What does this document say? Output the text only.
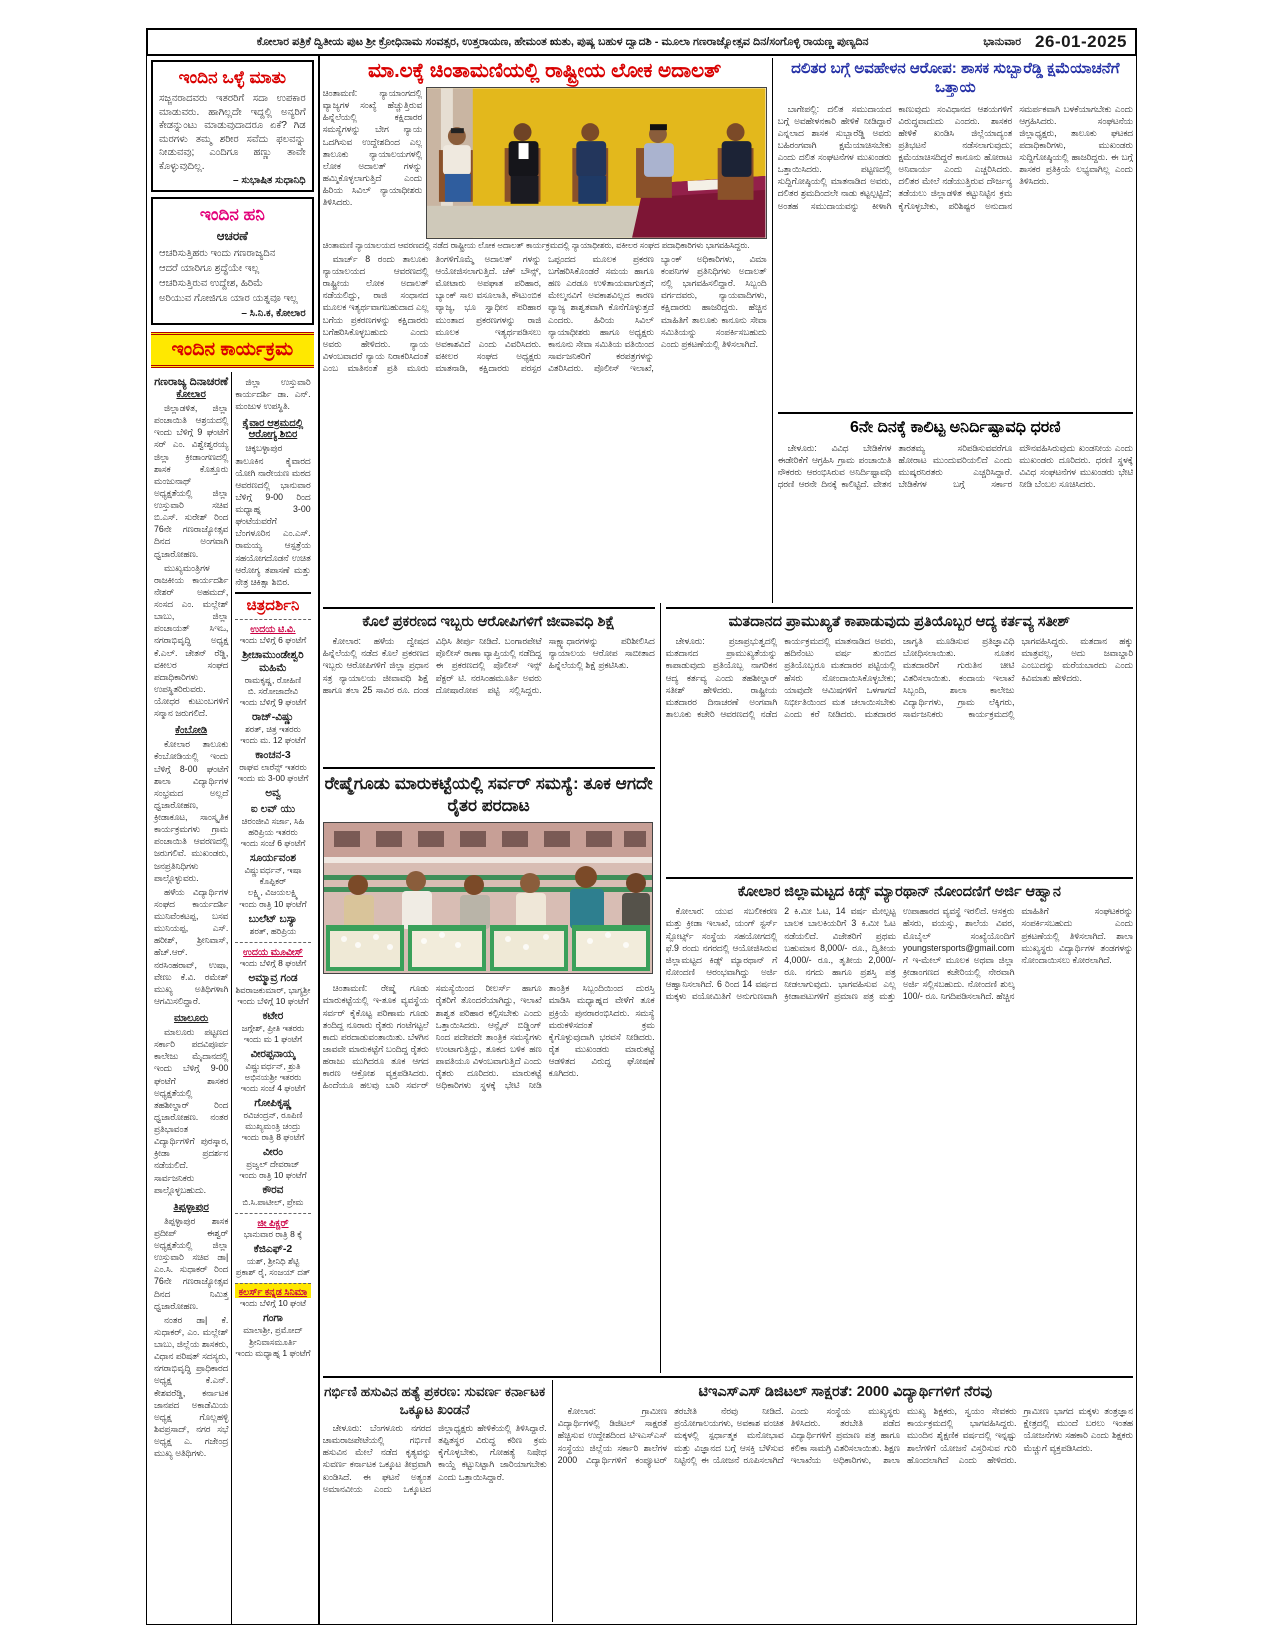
ಕೋಲಾರ ಪತ್ರಿಕೆ ದ್ವಿತೀಯ ಪುಟ ಶ್ರೀ ಕ್ರೋಧಿನಾಮ ಸಂವತ್ಸರ, ಉತ್ತರಾಯಣ, ಹೇಮಂತ ಋತು, ಪುಷ್ಯ ಬಹುಳ ದ್ವಾದಶಿ - ಮೂಲಾ ಗಣರಾಜ್ಯೋತ್ಸವ ದಿನ/ಸಂಗೊಳ್ಳಿ ರಾಯಣ್ಣ ಪುಣ್ಯದಿನ	ಭಾನುವಾರ 26-01-2025
ಇಂದಿನ ಒಳ್ಳೆ ಮಾತು
ಸಜ್ಜನರಾದವರು ಇತರರಿಗೆ ಸದಾ ಉಪಕಾರ ಮಾಡುವರು. ಹಾಗಿಲ್ಲದೇ ಇದ್ದಲ್ಲಿ ಅನ್ಯರಿಗೆ ಕೇಡನ್ನುಂಟು ಮಾಡುವುದಾದರೂ ಏಕೆ? ಗಿಡ ಮರಗಳು ತಮ್ಮ ಶರೀರ ಸವೆದು ಫಲವನ್ನು ನೀಡುವವು; ಎಂದಿಗೂ ಹಣ್ಣು ತಾವೇ ಕೊಳ್ಳುವುದಿಲ್ಲ.
– ಸುಭಾಷಿತ ಸುಧಾನಿಧಿ
ಇಂದಿನ ಹನಿ
ಆಚರಣೆ
ಆಚರಿಸುತ್ತಿಹರು ಇಂದು ಗಣರಾಜ್ಯದಿನ
ಆದರೆ ಯಾರಿಗೂ ಶ್ರದ್ಧೆಯೇ ಇಲ್ಲ
ಆಚರಿಸುತ್ತಿರುವ ಉದ್ದೇಶ, ಹಿರಿಮೆ
ಅರಿಯುವ ಗೋಜಿಗೂ ಯಾರ ಯತ್ನವೂ ಇಲ್ಲ
– ಸಿ.ನಿ.ಕ, ಕೋಲಾರ
ಇಂದಿನ ಕಾರ್ಯಕ್ರಮ
ಗಣರಾಜ್ಯ ದಿನಾಚರಣೆ
ಕೋಲಾರ
ಜಿಲ್ಲಾಡಳಿತ, ಜಿಲ್ಲಾ ಪಂಚಾಯಿತಿ ಆಶ್ರಯದಲ್ಲಿ ಇಂದು ಬೆಳಿಗ್ಗೆ 9 ಘಂಟೆಗೆ ಸರ್ ಎಂ. ವಿಶ್ವೇಶ್ವರಯ್ಯ ಜಿಲ್ಲಾ ಕ್ರೀಡಾಂಗಣದಲ್ಲಿ ಶಾಸಕ ಕೊತ್ತೂರು ಮಂಜುನಾಥ್ ಅಧ್ಯಕ್ಷತೆಯಲ್ಲಿ ಜಿಲ್ಲಾ ಉಸ್ತುವಾರಿ ಸಚಿವ ಬಿ.ಎಸ್. ಸುರೇಶ್ ರಿಂದ 76ನೇ ಗಣರಾಜ್ಯೋತ್ಸವ ದಿನದ ಅಂಗವಾಗಿ ಧ್ವಜಾರೋಹಣ.
ಮುಖ್ಯಮಂತ್ರಿಗಳ ರಾಜಕೀಯ ಕಾರ್ಯದರ್ಶಿ ನೇಶರ್ ಅಹಮದ್, ಸಂಸದ ಎಂ. ಮಲ್ಲೇಶ್ ಬಾಬು, ಜಿಲ್ಲಾ ಪಂಚಾಯತ್ ಸಿಇಒ, ನಗರಾಭಿವೃದ್ಧಿ ಅಧ್ಯಕ್ಷ ಕೆ.ಎಲ್. ಚೇತನ್ ರೆಡ್ಡಿ, ವಕೀಲರ ಸಂಘದ ಪದಾಧಿಕಾರಿಗಳು ಉಪಸ್ಥಿತರಿರುವರು. ಯೋಧರ ಕುಟುಂಬಗಳಿಗೆ ಸನ್ಮಾನ ಜರುಗಲಿದೆ.
ಕೆಂಬೋಡಿ
ಕೋಲಾರ ತಾಲೂಕು ಕೆಂಬೋಡಿಯಲ್ಲಿ ಇಂದು ಬೆಳಿಗ್ಗೆ 8-00 ಘಂಟೆಗೆ ಶಾಲಾ ವಿದ್ಯಾರ್ಥಿಗಳ ಸಂಭ್ರಮದ ಅಲ್ಲದೆ ಧ್ವಜಾರೋಹಣ, ಕ್ರೀಡಾಕೂಟ, ಸಾಂಸ್ಕೃತಿಕ ಕಾರ್ಯಕ್ರಮಗಳು ಗ್ರಾಮ ಪಂಚಾಯಿತಿ ಆವರಣದಲ್ಲಿ ಜರುಗಲಿವೆ. ಮುಖಂಡರು, ಜನಪ್ರತಿನಿಧಿಗಳು ಪಾಲ್ಗೊಳ್ಳುವರು.
ಹಳೆಯ ವಿದ್ಯಾರ್ಥಿಗಳ ಸಂಘದ ಕಾರ್ಯದರ್ಶಿ ಮುನಿವೆಂಕಟಪ್ಪ, ಬಸವ ಮುನಿಯಪ್ಪ, ಎಸ್. ಹರೀಶ್, ಶ್ರೀನಿವಾಸ್, ಹೆಚ್.ಆರ್. ನರಸಿಂಹರಾವ್, ಉಷಾ, ವೇಣು ಕೆ.ವಿ. ರಮೇಶ್ ಮುಖ್ಯ ಅತಿಥಿಗಳಾಗಿ ಆಗಮಿಸಲಿದ್ದಾರೆ.
ಮಾಲೂರು
ಮಾಲೂರು ಪಟ್ಟಣದ ಸರ್ಕಾರಿ ಪದವಿಪೂರ್ವ ಕಾಲೇಜು ಮೈದಾನದಲ್ಲಿ ಇಂದು ಬೆಳಿಗ್ಗೆ 9-00 ಘಂಟೆಗೆ ಶಾಸಕರ ಅಧ್ಯಕ್ಷತೆಯಲ್ಲಿ ತಹಶೀಲ್ದಾರ್ ರಿಂದ ಧ್ವಜಾರೋಹಣ. ನಂತರ ಪ್ರತಿಭಾವಂತ ವಿದ್ಯಾರ್ಥಿಗಳಿಗೆ ಪುರಸ್ಕಾರ, ಕ್ರೀಡಾ ಪ್ರದರ್ಶನ ನಡೆಯಲಿದೆ. ಸಾರ್ವಜನಿಕರು ಪಾಲ್ಗೊಳ್ಳಬಹುದು.
ತಿಪ್ಪಳ್ಳಾಪುರ
ತಿಪ್ಪಳ್ಳಾಪುರ ಶಾಸಕ ಪ್ರದೀಪ್ ಈಶ್ವರ್ ಅಧ್ಯಕ್ಷತೆಯಲ್ಲಿ ಜಿಲ್ಲಾ ಉಸ್ತುವಾರಿ ಸಚಿವ ಡಾ| ಎಂ.ಸಿ. ಸುಧಾಕರ್ ರಿಂದ 76ನೇ ಗಣರಾಜ್ಯೋತ್ಸವ ದಿನದ ನಿಮಿತ್ತ ಧ್ವಜಾರೋಹಣ.
ನಂತರ ಡಾ| ಕೆ. ಸುಧಾಕರ್, ಎಂ. ಮಲ್ಲೇಶ್ ಬಾಬು, ಜಿಲ್ಲೆಯ ಶಾಸಕರು, ವಿಧಾನ ಪರಿಷತ್ ಸದಸ್ಯರು, ನಗರಾಭಿವೃದ್ಧಿ ಪ್ರಾಧಿಕಾರದ ಅಧ್ಯಕ್ಷ ಕೆ.ಎನ್. ಕೇಶವರೆಡ್ಡಿ, ಕರ್ನಾಟಕ ಜಾನಪದ ಅಕಾಡೆಮಿಯ ಅಧ್ಯಕ್ಷ ಗೊಲ್ಲಹಳ್ಳಿ ಶಿವಪ್ರಸಾದ್, ನಗರ ಸಭೆ ಅಧ್ಯಕ್ಷ ಎ. ಗಜೇಂದ್ರ ಮುಖ್ಯ ಅತಿಥಿಗಳು.
ಜಿಲ್ಲಾ ಉಸ್ತುವಾರಿ ಕಾರ್ಯದರ್ಶಿ ಡಾ. ಎನ್. ಮಂಜುಳ ಉಪಸ್ಥಿತಿ.
ಕೈವಾರ ಆಶ್ರಮದಲ್ಲಿ ಆರೋಗ್ಯ ಶಿಬಿರ
ಚಿಕ್ಕಬಳ್ಳಾಪುರ ತಾಲೂಕಿನ ಕೈವಾರದ ಯೋಗಿ ನಾರೇಯಣ ಮಠದ ಆವರಣದಲ್ಲಿ ಭಾನುವಾರ ಬೆಳಿಗ್ಗೆ 9-00 ರಿಂದ ಮಧ್ಯಾಹ್ನ 3-00 ಘಂಟೆಯವರೆಗೆ ಬೆಂಗಳೂರಿನ ಎಂ.ಎಸ್. ರಾಮಯ್ಯ ಆಸ್ಪತ್ರೆಯ ಸಹಯೋಗದೊಡನೆ ಉಚಿತ ಆರೋಗ್ಯ ತಪಾಸಣೆ ಮತ್ತು ನೇತ್ರ ಚಿಕಿತ್ಸಾ ಶಿಬಿರ.
ಚಿತ್ರದರ್ಶಿನಿ
ಉದಯ ಟಿ.ವಿ.
ಇಂದು ಬೆಳಿಗ್ಗೆ 6 ಘಂಟೆಗೆ
ಶ್ರೀಚಾಮುಂಡೇಶ್ವರಿ ಮಹಿಮೆ
ರಾಮಕೃಷ್ಣ, ರೋಹಿಣಿ
ಬಿ. ಸರೋಜಾದೇವಿ
ಇಂದು ಬೆಳಿಗ್ಗೆ 9 ಘಂಟೆಗೆ
ರಾಜ್-ವಿಷ್ಣು
ಶರತ್, ಚಿತ್ರ ಇತರರು
ಇಂದು ಮ. 12 ಘಂಟೆಗೆ
ಕಾಂಚನ-3
ರಾಘವ ಲಾರೆನ್ಸ್ ಇತರರು
ಇಂದು ಮ 3-00 ಘಂಟೆಗೆ
ಅವ್ವ
ಐ ಲವ್ ಯು
ಚಿರಂಜೀವಿ ಸರ್ಜಾ, ಸಿಹಿ
ಹರಿಪ್ರಿಯ ಇತರರು
ಇಂದು ಸಂಜೆ 6 ಘಂಟೆಗೆ
ಸೂರ್ಯವಂಶ
ವಿಷ್ಣುವರ್ಧನ್, ಇಷಾ ಕೊಪ್ಪಿಕರ್
ಲಕ್ಷ್ಮಿ, ವಿಜಯಲಕ್ಷ್ಮಿ
ಇಂದು ರಾತ್ರಿ 10 ಘಂಟೆಗೆ
ಬುಲೆಟ್ ಬಸ್ಯಾ
ಶರತ್, ಹರಿಪ್ರಿಯ
ಉದಯ ಮೂವೀಸ್
ಇಂದು ಬೆಳಿಗ್ಗೆ 8 ಘಂಟೆಗೆ
ಅಮ್ಮಾವ್ರ ಗಂಡ
ಶಿವರಾಜಕುಮಾರ್, ಭಾಗ್ಯಶ್ರೀ
ಇಂದು ಬೆಳಿಗ್ಗೆ 10 ಘಂಟೆಗೆ
ಕಟೇರ
ಜಗ್ಗೇಶ್, ಪ್ರೀತಿ ಇತರರು
ಇಂದು ಮ 1 ಘಂಟೆಗೆ
ವೀರಪ್ಪನಾಯ್ಕ
ವಿಷ್ಣುವರ್ಧನ್, ಶ್ರುತಿ
ಅಭಿನಯಶ್ರೀ ಇತರರು
ಇಂದು ಸಂಜೆ 4 ಘಂಟೆಗೆ
ಗೋಪಿಕೃಷ್ಣ
ರವಿಚಂದ್ರನ್, ರೂಪಿಣಿ
ಮುಖ್ಯಮಂತ್ರಿ ಚಂದ್ರು
ಇಂದು ರಾತ್ರಿ 8 ಘಂಟೆಗೆ
ವೀರಂ
ಪ್ರಜ್ವಲ್ ದೇವರಾಜ್
ಇಂದು ರಾತ್ರಿ 10 ಘಂಟೆಗೆ
ಕೌರವ
ಬಿ.ಸಿ.ಪಾಟೀಲ್, ಪ್ರೇಮ
ಜೀ ಪಿಕ್ಚರ್
ಭಾನುವಾರ ರಾತ್ರಿ 8 ಕ್ಕೆ
ಕೆಜಿಎಫ್-2
ಯಶ್, ಶ್ರೀನಿಧಿ ಶೆಟ್ಟಿ
ಪ್ರಕಾಶ್ ರೈ, ಸಂಜಯ್ ದತ್
ಕಲರ್ಸ್ ಕನ್ನಡ ಸಿನಿಮಾ
ಇಂದು ಬೆಳಿಗ್ಗೆ 10 ಘಂಟೆ
ಗಂಗಾ
ಮಾಲಾಶ್ರೀ, ಪ್ರಮೋದ್
ಶ್ರೀನಿವಾಸಮೂರ್ತಿ
ಇಂದು ಮಧ್ಯಾಹ್ನ 1 ಘಂಟೆಗೆ
ಮಾ.ಲಕ್ಕೆ ಚಿಂತಾಮಣಿಯಲ್ಲಿ ರಾಷ್ಟ್ರೀಯ ಲೋಕ ಅದಾಲತ್
ಚಿಂತಾಮಣಿ: ನ್ಯಾಯಾಂಗದಲ್ಲಿ ವ್ಯಾಜ್ಯಗಳ ಸಂಖ್ಯೆ ಹೆಚ್ಚುತ್ತಿರುವ ಹಿನ್ನೆಲೆಯಲ್ಲಿ ಕಕ್ಷಿದಾರರ ಸಮಸ್ಯೆಗಳನ್ನು ಬೇಗ ನ್ಯಾಯ ಒದಗಿಸುವ ಉದ್ದೇಶದಿಂದ ಎಲ್ಲ ತಾಲೂಕು ನ್ಯಾಯಾಲಯಗಳಲ್ಲಿ ಲೋಕ ಅದಾಲತ್ ಗಳನ್ನು ಹಮ್ಮಿಕೊಳ್ಳಲಾಗುತ್ತಿದೆ ಎಂದು ಹಿರಿಯ ಸಿವಿಲ್ ನ್ಯಾಯಾಧೀಶರು ತಿಳಿಸಿದರು.
ಚಿಂತಾಮಣಿ ನ್ಯಾಯಾಲಯದ ಆವರಣದಲ್ಲಿ ನಡೆದ ರಾಷ್ಟ್ರೀಯ ಲೋಕ ಅದಾಲತ್ ಕಾರ್ಯಕ್ರಮದಲ್ಲಿ ನ್ಯಾಯಾಧೀಶರು, ವಕೀಲರ ಸಂಘದ ಪದಾಧಿಕಾರಿಗಳು ಭಾಗವಹಿಸಿದ್ದರು.

ಮಾರ್ಚ್ 8 ರಂದು ತಾಲೂಕು ನ್ಯಾಯಾಲಯದ ಆವರಣದಲ್ಲಿ ರಾಷ್ಟ್ರೀಯ ಲೋಕ ಅದಾಲತ್ ನಡೆಯಲಿದ್ದು, ರಾಜಿ ಸಂಧಾನದ ಮೂಲಕ ಇತ್ಯರ್ಥವಾಗಬಹುದಾದ ಎಲ್ಲ ಬಗೆಯ ಪ್ರಕರಣಗಳನ್ನು ಕಕ್ಷಿದಾರರು ಬಗೆಹರಿಸಿಕೊಳ್ಳಬಹುದು ಎಂದು ಅವರು ಹೇಳಿದರು. ನ್ಯಾಯ ವಿಳಂಬವಾದರೆ ನ್ಯಾಯ ನಿರಾಕರಿಸಿದಂತೆ ಎಂಬ ಮಾತಿನಂತೆ ಪ್ರತಿ ಮೂರು ತಿಂಗಳಿಗೊಮ್ಮೆ ಅದಾಲತ್ ಗಳನ್ನು ಆಯೋಜಿಸಲಾಗುತ್ತಿದೆ. ಚೆಕ್ ಬೌನ್ಸ್, ಮೋಟಾರು ಅಪಘಾತ ಪರಿಹಾರ, ಬ್ಯಾಂಕ್ ಸಾಲ ವಸೂಲಾತಿ, ಕೌಟುಂಬಿಕ ವ್ಯಾಜ್ಯ, ಭೂ ಸ್ವಾಧೀನ ಪರಿಹಾರ ಮುಂತಾದ ಪ್ರಕರಣಗಳನ್ನು ರಾಜಿ ಮೂಲಕ ಇತ್ಯರ್ಥಪಡಿಸಲು ಅವಕಾಶವಿದೆ ಎಂದು ವಿವರಿಸಿದರು. ವಕೀಲರ ಸಂಘದ ಅಧ್ಯಕ್ಷರು ಮಾತನಾಡಿ, ಕಕ್ಷಿದಾರರು ಪರಸ್ಪರ ಒಪ್ಪಂದದ ಮೂಲಕ ಪ್ರಕರಣ ಬಗೆಹರಿಸಿಕೊಂಡರೆ ಸಮಯ ಹಾಗೂ ಹಣ ಎರಡೂ ಉಳಿತಾಯವಾಗುತ್ತದೆ; ಮೇಲ್ಮನವಿಗೆ ಅವಕಾಶವಿಲ್ಲದ ಕಾರಣ ವ್ಯಾಜ್ಯ ಶಾಶ್ವತವಾಗಿ ಕೊನೆಗೊಳ್ಳುತ್ತದೆ ಎಂದರು. ಹಿರಿಯ ಸಿವಿಲ್ ನ್ಯಾಯಾಧೀಶರು ಹಾಗೂ ಅಧ್ಯಕ್ಷರು ಕಾನೂನು ಸೇವಾ ಸಮಿತಿಯ ವತಿಯಿಂದ ಸಾರ್ವಜನಿಕರಿಗೆ ಕರಪತ್ರಗಳನ್ನು ವಿತರಿಸಿದರು. ಪೊಲೀಸ್ ಇಲಾಖೆ, ಬ್ಯಾಂಕ್ ಅಧಿಕಾರಿಗಳು, ವಿಮಾ ಕಂಪನಿಗಳ ಪ್ರತಿನಿಧಿಗಳು ಅದಾಲತ್ ನಲ್ಲಿ ಭಾಗವಹಿಸಲಿದ್ದಾರೆ. ಸಿಬ್ಬಂದಿ ವರ್ಗದವರು, ನ್ಯಾಯವಾದಿಗಳು, ಕಕ್ಷಿದಾರರು ಹಾಜರಿದ್ದರು. ಹೆಚ್ಚಿನ ಮಾಹಿತಿಗೆ ತಾಲೂಕು ಕಾನೂನು ಸೇವಾ ಸಮಿತಿಯನ್ನು ಸಂಪರ್ಕಿಸಬಹುದು ಎಂದು ಪ್ರಕಟಣೆಯಲ್ಲಿ ತಿಳಿಸಲಾಗಿದೆ.

ದಲಿತರ ಬಗ್ಗೆ ಅವಹೇಳನ ಆರೋಪ: ಶಾಸಕ ಸುಬ್ಬಾರೆಡ್ಡಿ ಕ್ಷಮೆಯಾಚನೆಗೆ ಒತ್ತಾಯ

ಬಾಗೇಪಲ್ಲಿ: ದಲಿತ ಸಮುದಾಯದ ಬಗ್ಗೆ ಅವಹೇಳನಕಾರಿ ಹೇಳಿಕೆ ನೀಡಿದ್ದಾರೆ ಎನ್ನಲಾದ ಶಾಸಕ ಸುಬ್ಬಾರೆಡ್ಡಿ ಅವರು ಬಹಿರಂಗವಾಗಿ ಕ್ಷಮೆಯಾಚಿಸಬೇಕು ಎಂದು ದಲಿತ ಸಂಘಟನೆಗಳ ಮುಖಂಡರು ಒತ್ತಾಯಿಸಿದರು. ಪಟ್ಟಣದಲ್ಲಿ ಸುದ್ದಿಗೋಷ್ಠಿಯಲ್ಲಿ ಮಾತನಾಡಿದ ಅವರು, ದಲಿತರ ಶ್ರಮದಿಂದಲೇ ನಾಡು ಕಟ್ಟಲ್ಪಟ್ಟಿದೆ; ಅಂತಹ ಸಮುದಾಯವನ್ನು ಕೀಳಾಗಿ ಕಾಣುವುದು ಸಂವಿಧಾನದ ಆಶಯಗಳಿಗೆ ವಿರುದ್ಧವಾದುದು ಎಂದರು. ಶಾಸಕರ ಹೇಳಿಕೆ ಖಂಡಿಸಿ ಜಿಲ್ಲೆಯಾದ್ಯಂತ ಪ್ರತಿಭಟನೆ ನಡೆಸಲಾಗುವುದು; ಕ್ಷಮೆಯಾಚಿಸದಿದ್ದರೆ ಕಾನೂನು ಹೋರಾಟ ಅನಿವಾರ್ಯ ಎಂದು ಎಚ್ಚರಿಸಿದರು. ದಲಿತರ ಮೇಲೆ ನಡೆಯುತ್ತಿರುವ ದೌರ್ಜನ್ಯ ತಡೆಯಲು ಜಿಲ್ಲಾಡಳಿತ ಕಟ್ಟುನಿಟ್ಟಿನ ಕ್ರಮ ಕೈಗೊಳ್ಳಬೇಕು, ಪರಿಶಿಷ್ಟರ ಅನುದಾನ ಸಮರ್ಪಕವಾಗಿ ಬಳಕೆಯಾಗಬೇಕು ಎಂದು ಆಗ್ರಹಿಸಿದರು. ಸಂಘಟನೆಯ ಜಿಲ್ಲಾಧ್ಯಕ್ಷರು, ತಾಲೂಕು ಘಟಕದ ಪದಾಧಿಕಾರಿಗಳು, ಮುಖಂಡರು ಸುದ್ದಿಗೋಷ್ಠಿಯಲ್ಲಿ ಹಾಜರಿದ್ದರು. ಈ ಬಗ್ಗೆ ಶಾಸಕರ ಪ್ರತಿಕ್ರಿಯೆ ಲಭ್ಯವಾಗಿಲ್ಲ ಎಂದು ತಿಳಿಸಿದರು.

6ನೇ ದಿನಕ್ಕೆ ಕಾಲಿಟ್ಟ ಅನಿರ್ದಿಷ್ಟಾವಧಿ ಧರಣಿ

ಚೇಳೂರು: ವಿವಿಧ ಬೇಡಿಕೆಗಳ ಈಡೇರಿಕೆಗೆ ಆಗ್ರಹಿಸಿ ಗ್ರಾಮ ಪಂಚಾಯಿತಿ ನೌಕರರು ಆರಂಭಿಸಿರುವ ಅನಿರ್ದಿಷ್ಟಾವಧಿ ಧರಣಿ ಆರನೇ ದಿನಕ್ಕೆ ಕಾಲಿಟ್ಟಿದೆ. ವೇತನ ತಾರತಮ್ಯ ಸರಿಪಡಿಸುವವರೆಗೂ ಹೋರಾಟ ಮುಂದುವರಿಯಲಿದೆ ಎಂದು ಮುಷ್ಕರನಿರತರು ಎಚ್ಚರಿಸಿದ್ದಾರೆ. ಬೇಡಿಕೆಗಳ ಬಗ್ಗೆ ಸರ್ಕಾರ ಮೌನವಹಿಸಿರುವುದು ಖಂಡನೀಯ ಎಂದು ಮುಖಂಡರು ದೂರಿದರು. ಧರಣಿ ಸ್ಥಳಕ್ಕೆ ವಿವಿಧ ಸಂಘಟನೆಗಳ ಮುಖಂಡರು ಭೇಟಿ ನೀಡಿ ಬೆಂಬಲ ಸೂಚಿಸಿದರು.

ಕೊಲೆ ಪ್ರಕರಣದ ಇಬ್ಬರು ಆರೋಪಿಗಳಿಗೆ ಜೀವಾವಧಿ ಶಿಕ್ಷೆ

ಕೋಲಾರ: ಹಳೆಯ ದ್ವೇಷದ ಹಿನ್ನೆಲೆಯಲ್ಲಿ ನಡೆದ ಕೊಲೆ ಪ್ರಕರಣದ ಇಬ್ಬರು ಆರೋಪಿಗಳಿಗೆ ಜಿಲ್ಲಾ ಪ್ರಧಾನ ಸತ್ರ ನ್ಯಾಯಾಲಯ ಜೀವಾವಧಿ ಶಿಕ್ಷೆ ಹಾಗೂ ತಲಾ 25 ಸಾವಿರ ರೂ. ದಂಡ ವಿಧಿಸಿ ತೀರ್ಪು ನೀಡಿದೆ. ಬಂಗಾರಪೇಟೆ ಪೊಲೀಸ್ ಠಾಣಾ ವ್ಯಾಪ್ತಿಯಲ್ಲಿ ನಡೆದಿದ್ದ ಈ ಪ್ರಕರಣದಲ್ಲಿ ಪೊಲೀಸ್ ಇನ್ಸ್ ಪೆಕ್ಟರ್ ಟಿ. ನರಸಿಂಹಮೂರ್ತಿ ಅವರು ದೋಷಾರೋಪ ಪಟ್ಟಿ ಸಲ್ಲಿಸಿದ್ದರು. ಸಾಕ್ಷ್ಯಾಧಾರಗಳನ್ನು ಪರಿಶೀಲಿಸಿದ ನ್ಯಾಯಾಲಯ ಆರೋಪ ಸಾಬೀತಾದ ಹಿನ್ನೆಲೆಯಲ್ಲಿ ಶಿಕ್ಷೆ ಪ್ರಕಟಿಸಿತು.

ರೇಷ್ಮೆಗೂಡು ಮಾರುಕಟ್ಟೆಯಲ್ಲಿ ಸರ್ವರ್ ಸಮಸ್ಯೆ: ತೂಕ ಆಗದೇ ರೈತರ ಪರದಾಟ

ಚಿಂತಾಮಣಿ: ರೇಷ್ಮೆ ಗೂಡು ಮಾರುಕಟ್ಟೆಯಲ್ಲಿ ಇ-ತೂಕ ವ್ಯವಸ್ಥೆಯ ಸರ್ವರ್ ಕೈಕೊಟ್ಟ ಪರಿಣಾಮ ಗೂಡು ತಂದಿದ್ದ ನೂರಾರು ರೈತರು ಗಂಟೆಗಟ್ಟಲೆ ಕಾದು ಪರದಾಡುವಂತಾಯಿತು. ಬೆಳಗಿನ ಜಾವವೇ ಮಾರುಕಟ್ಟೆಗೆ ಬಂದಿದ್ದ ರೈತರು ಹರಾಜು ಮುಗಿದರೂ ತೂಕ ಆಗದ ಕಾರಣ ಆಕ್ರೋಶ ವ್ಯಕ್ತಪಡಿಸಿದರು. ಹಿಂದೆಯೂ ಹಲವು ಬಾರಿ ಸರ್ವರ್ ಸಮಸ್ಯೆಯಿಂದ ರೀಲರ್ಸ್ ಹಾಗೂ ರೈತರಿಗೆ ತೊಂದರೆಯಾಗಿದ್ದು, ಇಲಾಖೆ ಶಾಶ್ವತ ಪರಿಹಾರ ಕಲ್ಪಿಸಬೇಕು ಎಂದು ಒತ್ತಾಯಿಸಿದರು. ಆನ್ಲೈನ್ ಬಿಡ್ಡಿಂಗ್ ನಿಂದ ಪದೇಪದೇ ತಾಂತ್ರಿಕ ಸಮಸ್ಯೆಗಳು ಉಂಟಾಗುತ್ತಿದ್ದು, ತೂಕದ ಬಳಿಕ ಹಣ ಪಾವತಿಯೂ ವಿಳಂಬವಾಗುತ್ತಿದೆ ಎಂದು ರೈತರು ದೂರಿದರು. ಮಾರುಕಟ್ಟೆ ಅಧಿಕಾರಿಗಳು ಸ್ಥಳಕ್ಕೆ ಭೇಟಿ ನೀಡಿ ತಾಂತ್ರಿಕ ಸಿಬ್ಬಂದಿಯಿಂದ ದುರಸ್ತಿ ಮಾಡಿಸಿ ಮಧ್ಯಾಹ್ನದ ವೇಳೆಗೆ ತೂಕ ಪ್ರಕ್ರಿಯೆ ಪುನರಾರಂಭಿಸಿದರು. ಸಮಸ್ಯೆ ಮರುಕಳಿಸದಂತೆ ಕ್ರಮ ಕೈಗೊಳ್ಳುವುದಾಗಿ ಭರವಸೆ ನೀಡಿದರು. ರೈತ ಮುಖಂಡರು ಮಾರುಕಟ್ಟೆ ಆಡಳಿತದ ವಿರುದ್ಧ ಘೋಷಣೆ ಕೂಗಿದರು.

ಮತದಾನದ ಪ್ರಾಮುಖ್ಯತೆ ಕಾಪಾಡುವುದು ಪ್ರತಿಯೊಬ್ಬರ ಆದ್ಯ ಕರ್ತವ್ಯ ಸತೀಶ್

ಚೇಳೂರು: ಪ್ರಜಾಪ್ರಭುತ್ವದಲ್ಲಿ ಮತದಾನದ ಪ್ರಾಮುಖ್ಯತೆಯನ್ನು ಕಾಪಾಡುವುದು ಪ್ರತಿಯೊಬ್ಬ ನಾಗರಿಕನ ಆದ್ಯ ಕರ್ತವ್ಯ ಎಂದು ತಹಶೀಲ್ದಾರ್ ಸತೀಶ್ ಹೇಳಿದರು. ರಾಷ್ಟ್ರೀಯ ಮತದಾರರ ದಿನಾಚರಣೆ ಅಂಗವಾಗಿ ತಾಲೂಕು ಕಚೇರಿ ಆವರಣದಲ್ಲಿ ನಡೆದ ಕಾರ್ಯಕ್ರಮದಲ್ಲಿ ಮಾತನಾಡಿದ ಅವರು, ಹದಿನೆಂಟು ವರ್ಷ ತುಂಬಿದ ಪ್ರತಿಯೊಬ್ಬರೂ ಮತದಾರರ ಪಟ್ಟಿಯಲ್ಲಿ ಹೆಸರು ನೋಂದಾಯಿಸಿಕೊಳ್ಳಬೇಕು; ಯಾವುದೇ ಆಮಿಷಗಳಿಗೆ ಒಳಗಾಗದೆ ನಿರ್ಭೀತಿಯಿಂದ ಮತ ಚಲಾಯಿಸಬೇಕು ಎಂದು ಕರೆ ನೀಡಿದರು. ಮತದಾರರ ಜಾಗೃತಿ ಮೂಡಿಸುವ ಪ್ರತಿಜ್ಞಾವಿಧಿ ಬೋಧಿಸಲಾಯಿತು. ನೂತನ ಮತದಾರರಿಗೆ ಗುರುತಿನ ಚೀಟಿ ವಿತರಿಸಲಾಯಿತು. ಕಂದಾಯ ಇಲಾಖೆ ಸಿಬ್ಬಂದಿ, ಶಾಲಾ ಕಾಲೇಜು ವಿದ್ಯಾರ್ಥಿಗಳು, ಗ್ರಾಮ ಲೆಕ್ಕಿಗರು, ಸಾರ್ವಜನಿಕರು ಕಾರ್ಯಕ್ರಮದಲ್ಲಿ ಭಾಗವಹಿಸಿದ್ದರು. ಮತದಾನ ಹಕ್ಕು ಮಾತ್ರವಲ್ಲ, ಅದು ಜವಾಬ್ದಾರಿ ಎಂಬುದನ್ನು ಮರೆಯಬಾರದು ಎಂದು ಕಿವಿಮಾತು ಹೇಳಿದರು.

ಕೋಲಾರ ಜಿಲ್ಲಾಮಟ್ಟದ ಕಿಡ್ಸ್ ಮ್ಯಾರಥಾನ್ ನೋಂದಣಿಗೆ ಅರ್ಜಿ ಆಹ್ವಾನ

ಕೋಲಾರ: ಯುವ ಸಬಲೀಕರಣ ಮತ್ತು ಕ್ರೀಡಾ ಇಲಾಖೆ, ಯಂಗ್ ಸ್ಟರ್ಸ್ ಸ್ಪೋರ್ಟ್ಸ್ ಸಂಸ್ಥೆಯ ಸಹಯೋಗದಲ್ಲಿ ಫೆ.9 ರಂದು ನಗರದಲ್ಲಿ ಆಯೋಜಿಸಿರುವ ಜಿಲ್ಲಾಮಟ್ಟದ ಕಿಡ್ಸ್ ಮ್ಯಾರಥಾನ್ ಗೆ ನೋಂದಣಿ ಆರಂಭವಾಗಿದ್ದು ಅರ್ಜಿ ಆಹ್ವಾನಿಸಲಾಗಿದೆ. 6 ರಿಂದ 14 ವರ್ಷದ ಮಕ್ಕಳು ವಯೋಮಿತಿಗೆ ಅನುಗುಣವಾಗಿ 2 ಕಿ.ಮೀ ಓಟ, 14 ವರ್ಷ ಮೇಲ್ಪಟ್ಟ ಬಾಲಕ ಬಾಲಕಿಯರಿಗೆ 3 ಕಿ.ಮೀ ಓಟ ನಡೆಯಲಿದೆ. ವಿಜೇತರಿಗೆ ಪ್ರಥಮ ಬಹುಮಾನ 8,000/- ರೂ., ದ್ವಿತೀಯ 4,000/- ರೂ., ತೃತೀಯ 2,000/- ರೂ. ನಗದು ಹಾಗೂ ಪ್ರಶಸ್ತಿ ಪತ್ರ ನೀಡಲಾಗುವುದು. ಭಾಗವಹಿಸುವ ಎಲ್ಲ ಕ್ರೀಡಾಪಟುಗಳಿಗೆ ಪ್ರಮಾಣ ಪತ್ರ ಮತ್ತು ಉಪಾಹಾರದ ವ್ಯವಸ್ಥೆ ಇರಲಿದೆ. ಆಸಕ್ತರು ಹೆಸರು, ವಯಸ್ಸು, ಶಾಲೆಯ ವಿವರ, ಮೊಬೈಲ್ ಸಂಖ್ಯೆಯೊಂದಿಗೆ youngstersports@gmail.com ಗೆ ಇ-ಮೇಲ್ ಮೂಲಕ ಅಥವಾ ಜಿಲ್ಲಾ ಕ್ರೀಡಾಂಗಣದ ಕಚೇರಿಯಲ್ಲಿ ನೇರವಾಗಿ ಅರ್ಜಿ ಸಲ್ಲಿಸಬಹುದು. ನೋಂದಣಿ ಶುಲ್ಕ 100/- ರೂ. ನಿಗದಿಪಡಿಸಲಾಗಿದೆ. ಹೆಚ್ಚಿನ ಮಾಹಿತಿಗೆ ಸಂಘಟಕರನ್ನು ಸಂಪರ್ಕಿಸಬಹುದು ಎಂದು ಪ್ರಕಟಣೆಯಲ್ಲಿ ತಿಳಿಸಲಾಗಿದೆ. ಶಾಲಾ ಮುಖ್ಯಸ್ಥರು ವಿದ್ಯಾರ್ಥಿಗಳ ತಂಡಗಳನ್ನು ನೋಂದಾಯಿಸಲು ಕೋರಲಾಗಿದೆ.

ಗರ್ಭಿಣಿ ಹಸುವಿನ ಹತ್ಯೆ ಪ್ರಕರಣ: ಸುವರ್ಣ ಕರ್ನಾಟಕ ಒಕ್ಕೂಟ ಖಂಡನೆ

ಚೇಳೂರು: ಬೆಂಗಳೂರು ನಗರದ ಚಾಮರಾಜಪೇಟೆಯಲ್ಲಿ ಗರ್ಭಿಣಿ ಹಸುವಿನ ಮೇಲೆ ನಡೆದ ಕೃತ್ಯವನ್ನು ಸುವರ್ಣ ಕರ್ನಾಟಕ ಒಕ್ಕೂಟ ತೀವ್ರವಾಗಿ ಖಂಡಿಸಿದೆ. ಈ ಘಟನೆ ಅತ್ಯಂತ ಅಮಾನವೀಯ ಎಂದು ಒಕ್ಕೂಟದ ಜಿಲ್ಲಾಧ್ಯಕ್ಷರು ಹೇಳಿಕೆಯಲ್ಲಿ ತಿಳಿಸಿದ್ದಾರೆ. ತಪ್ಪಿತಸ್ಥರ ವಿರುದ್ಧ ಕಠಿಣ ಕ್ರಮ ಕೈಗೊಳ್ಳಬೇಕು, ಗೋಹತ್ಯೆ ನಿಷೇಧ ಕಾಯ್ದೆ ಕಟ್ಟುನಿಟ್ಟಾಗಿ ಜಾರಿಯಾಗಬೇಕು ಎಂದು ಒತ್ತಾಯಿಸಿದ್ದಾರೆ.

ಟಿಇಎಸ್ಎಸ್ ಡಿಜಿಟಲ್ ಸಾಕ್ಷರತೆ: 2000 ವಿದ್ಯಾರ್ಥಿಗಳಿಗೆ ನೆರವು

ಕೋಲಾರ: ಗ್ರಾಮೀಣ ವಿದ್ಯಾರ್ಥಿಗಳಲ್ಲಿ ಡಿಜಿಟಲ್ ಸಾಕ್ಷರತೆ ಹೆಚ್ಚಿಸುವ ಉದ್ದೇಶದಿಂದ ಟಿಇಎಸ್ಎಸ್ ಸಂಸ್ಥೆಯು ಜಿಲ್ಲೆಯ ಸರ್ಕಾರಿ ಶಾಲೆಗಳ 2000 ವಿದ್ಯಾರ್ಥಿಗಳಿಗೆ ಕಂಪ್ಯೂಟರ್ ತರಬೇತಿ ನೆರವು ನೀಡಿದೆ. ಪ್ರಯೋಗಾಲಯಗಳು, ಅವಕಾಶ ವಂಚಿತ ಮಕ್ಕಳಲ್ಲಿ ಸ್ಪರ್ಧಾತ್ಮಕ ಮನೋಭಾವ ಮತ್ತು ವಿಜ್ಞಾನದ ಬಗ್ಗೆ ಆಸಕ್ತಿ ಬೆಳೆಸುವ ನಿಟ್ಟಿನಲ್ಲಿ ಈ ಯೋಜನೆ ರೂಪಿಸಲಾಗಿದೆ ಎಂದು ಸಂಸ್ಥೆಯ ಮುಖ್ಯಸ್ಥರು ತಿಳಿಸಿದರು. ತರಬೇತಿ ಪಡೆದ ವಿದ್ಯಾರ್ಥಿಗಳಿಗೆ ಪ್ರಮಾಣ ಪತ್ರ ಹಾಗೂ ಕಲಿಕಾ ಸಾಮಗ್ರಿ ವಿತರಿಸಲಾಯಿತು. ಶಿಕ್ಷಣ ಇಲಾಖೆಯ ಅಧಿಕಾರಿಗಳು, ಶಾಲಾ ಮುಖ್ಯ ಶಿಕ್ಷಕರು, ಸ್ವಯಂ ಸೇವಕರು ಕಾರ್ಯಕ್ರಮದಲ್ಲಿ ಭಾಗವಹಿಸಿದ್ದರು. ಮುಂದಿನ ಶೈಕ್ಷಣಿಕ ವರ್ಷದಲ್ಲಿ ಇನ್ನಷ್ಟು ಶಾಲೆಗಳಿಗೆ ಯೋಜನೆ ವಿಸ್ತರಿಸುವ ಗುರಿ ಹೊಂದಲಾಗಿದೆ ಎಂದು ಹೇಳಿದರು. ಗ್ರಾಮೀಣ ಭಾಗದ ಮಕ್ಕಳು ತಂತ್ರಜ್ಞಾನ ಕ್ಷೇತ್ರದಲ್ಲಿ ಮುಂದೆ ಬರಲು ಇಂತಹ ಯೋಜನೆಗಳು ಸಹಕಾರಿ ಎಂದು ಶಿಕ್ಷಕರು ಮೆಚ್ಚುಗೆ ವ್ಯಕ್ತಪಡಿಸಿದರು.
